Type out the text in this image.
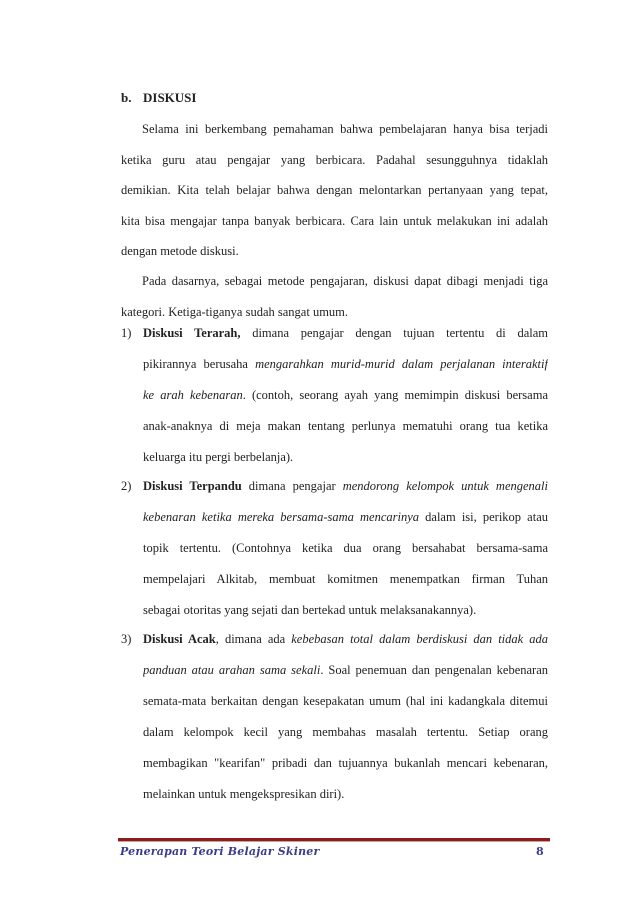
b. DISKUSI
Selama ini berkembang pemahaman bahwa pembelajaran hanya bisa terjadi
ketika guru atau pengajar yang berbicara. Padahal sesungguhnya tidaklah
demikian. Kita telah belajar bahwa dengan melontarkan pertanyaan yang tepat,
kita bisa mengajar tanpa banyak berbicara. Cara lain untuk melakukan ini adalah
dengan metode diskusi.
Pada dasarnya, sebagai metode pengajaran, diskusi dapat dibagi menjadi tiga
kategori. Ketiga-tiganya sudah sangat umum.
1) Diskusi Terarah, dimana pengajar dengan tujuan tertentu di dalam
pikirannya berusaha mengarahkan murid-murid dalam perjalanan interaktif
ke arah kebenaran. (contoh, seorang ayah yang memimpin diskusi bersama
anak-anaknya di meja makan tentang perlunya mematuhi orang tua ketika
keluarga itu pergi berbelanja).
2) Diskusi Terpandu dimana pengajar mendorong kelompok untuk mengenali
kebenaran ketika mereka bersama-sama mencarinya dalam isi, perikop atau
topik tertentu. (Contohnya ketika dua orang bersahabat bersama-sama
mempelajari Alkitab, membuat komitmen menempatkan firman Tuhan
sebagai otoritas yang sejati dan bertekad untuk melaksanakannya).
3) Diskusi Acak, dimana ada kebebasan total dalam berdiskusi dan tidak ada
panduan atau arahan sama sekali. Soal penemuan dan pengenalan kebenaran
semata-mata berkaitan dengan kesepakatan umum (hal ini kadangkala ditemui
dalam kelompok kecil yang membahas masalah tertentu. Setiap orang
membagikan "kearifan" pribadi dan tujuannya bukanlah mencari kebenaran,
melainkan untuk mengekspresikan diri).
Penerapan Teori Belajar Skiner	8
